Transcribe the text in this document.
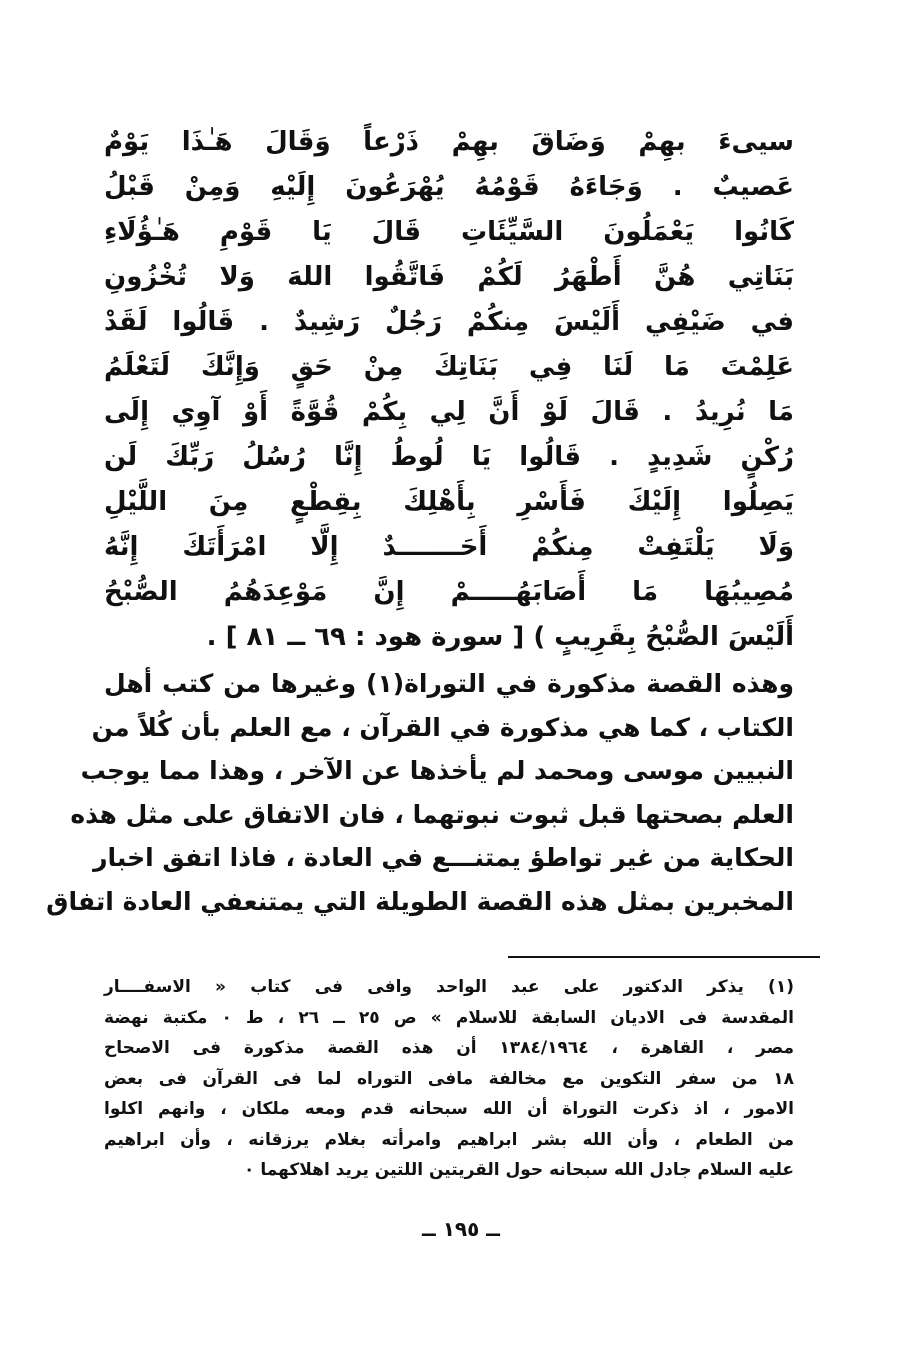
سيىءَ بهِمْ وَضَاقَ بهِمْ ذَرْعاً وَقَالَ هَـٰذَا يَوْمٌ
عَصيبٌ . وَجَاءَهُ قَوْمُهُ يُهْرَعُونَ إِلَيْهِ وَمِنْ قَبْلُ
كَانُوا يَعْمَلُونَ السَّيِّئَاتِ قَالَ يَا قَوْمِ هَـٰؤُلَاءِ
بَنَاتِي هُنَّ أَطْهَرُ لَكُمْ فَاتَّقُوا اللهَ وَلا تُخْزُونِ
في ضَيْفِي أَلَيْسَ مِنكُمْ رَجُلٌ رَشِيدٌ . قَالُوا لَقَدْ
عَلِمْتَ مَا لَنَا فِي بَنَاتِكَ مِنْ حَقٍ وَإِنَّكَ لَتَعْلَمُ
مَا نُرِيدُ . قَالَ لَوْ أَنَّ لِي بِكُمْ قُوَّةً أَوْ آوِي إِلَى
رُكْنٍ شَدِيدٍ . قَالُوا يَا لُوطُ إِنَّا رُسُلُ رَبِّكَ لَن
يَصِلُوا إِلَيْكَ فَأَسْرِ بِأَهْلِكَ بِقِطْعٍ مِنَ اللَّيْلِ
وَلَا يَلْتَفِتْ مِنكُمْ أَحَـــــــدٌ إِلَّا امْرَأَتَكَ إِنَّهُ
مُصِيبُهَا مَا أَصَابَهُـــــمْ إِنَّ مَوْعِدَهُمُ الصُّبْحُ
أَلَيْسَ الصُّبْحُ بِقَرِيبٍ ) [ سورة هود : ٦٩ ــ ٨١ ] .
وهذه القصة مذكورة في التوراة(١) وغيرها من كتب أهل
الكتاب ، كما هي مذكورة في القرآن ، مع العلم بأن كُلاً من
النبيين موسى ومحمد لم يأخذها عن الآخر ، وهذا مما يوجب
العلم بصحتها قبل ثبوت نبوتهما ، فان الاتفاق على مثل هذه
الحكاية من غير تواطؤ يمتنـــع في العادة ، فاذا اتفق اخبار
المخبرين بمثل هذه القصة الطويلة التي يمتنعفي العادة اتفاق
(١) يذكر الدكتور على عبد الواحد وافى فى كتاب « الاسفــــار
المقدسة فى الاديان السابقة للاسلام » ص ٢٥ ــ ٢٦ ، ط ٠ مكتبة نهضة
مصر ، القاهرة ، ١٣٨٤/١٩٦٤ أن هذه القصة مذكورة فى الاصحاح
١٨ من سفر التكوين مع مخالفة مافى التوراه لما فى القرآن فى بعض
الامور ، اذ ذكرت التوراة أن الله سبحانه قدم ومعه ملكان ، وانهم اكلوا
من الطعام ، وأن الله بشر ابراهيم وامرأته بغلام يرزقانه ، وأن ابراهيم
عليه السلام جادل الله سبحانه حول القريتين اللتين يريد اهلاكهما ٠
ــ ١٩٥ ــ
